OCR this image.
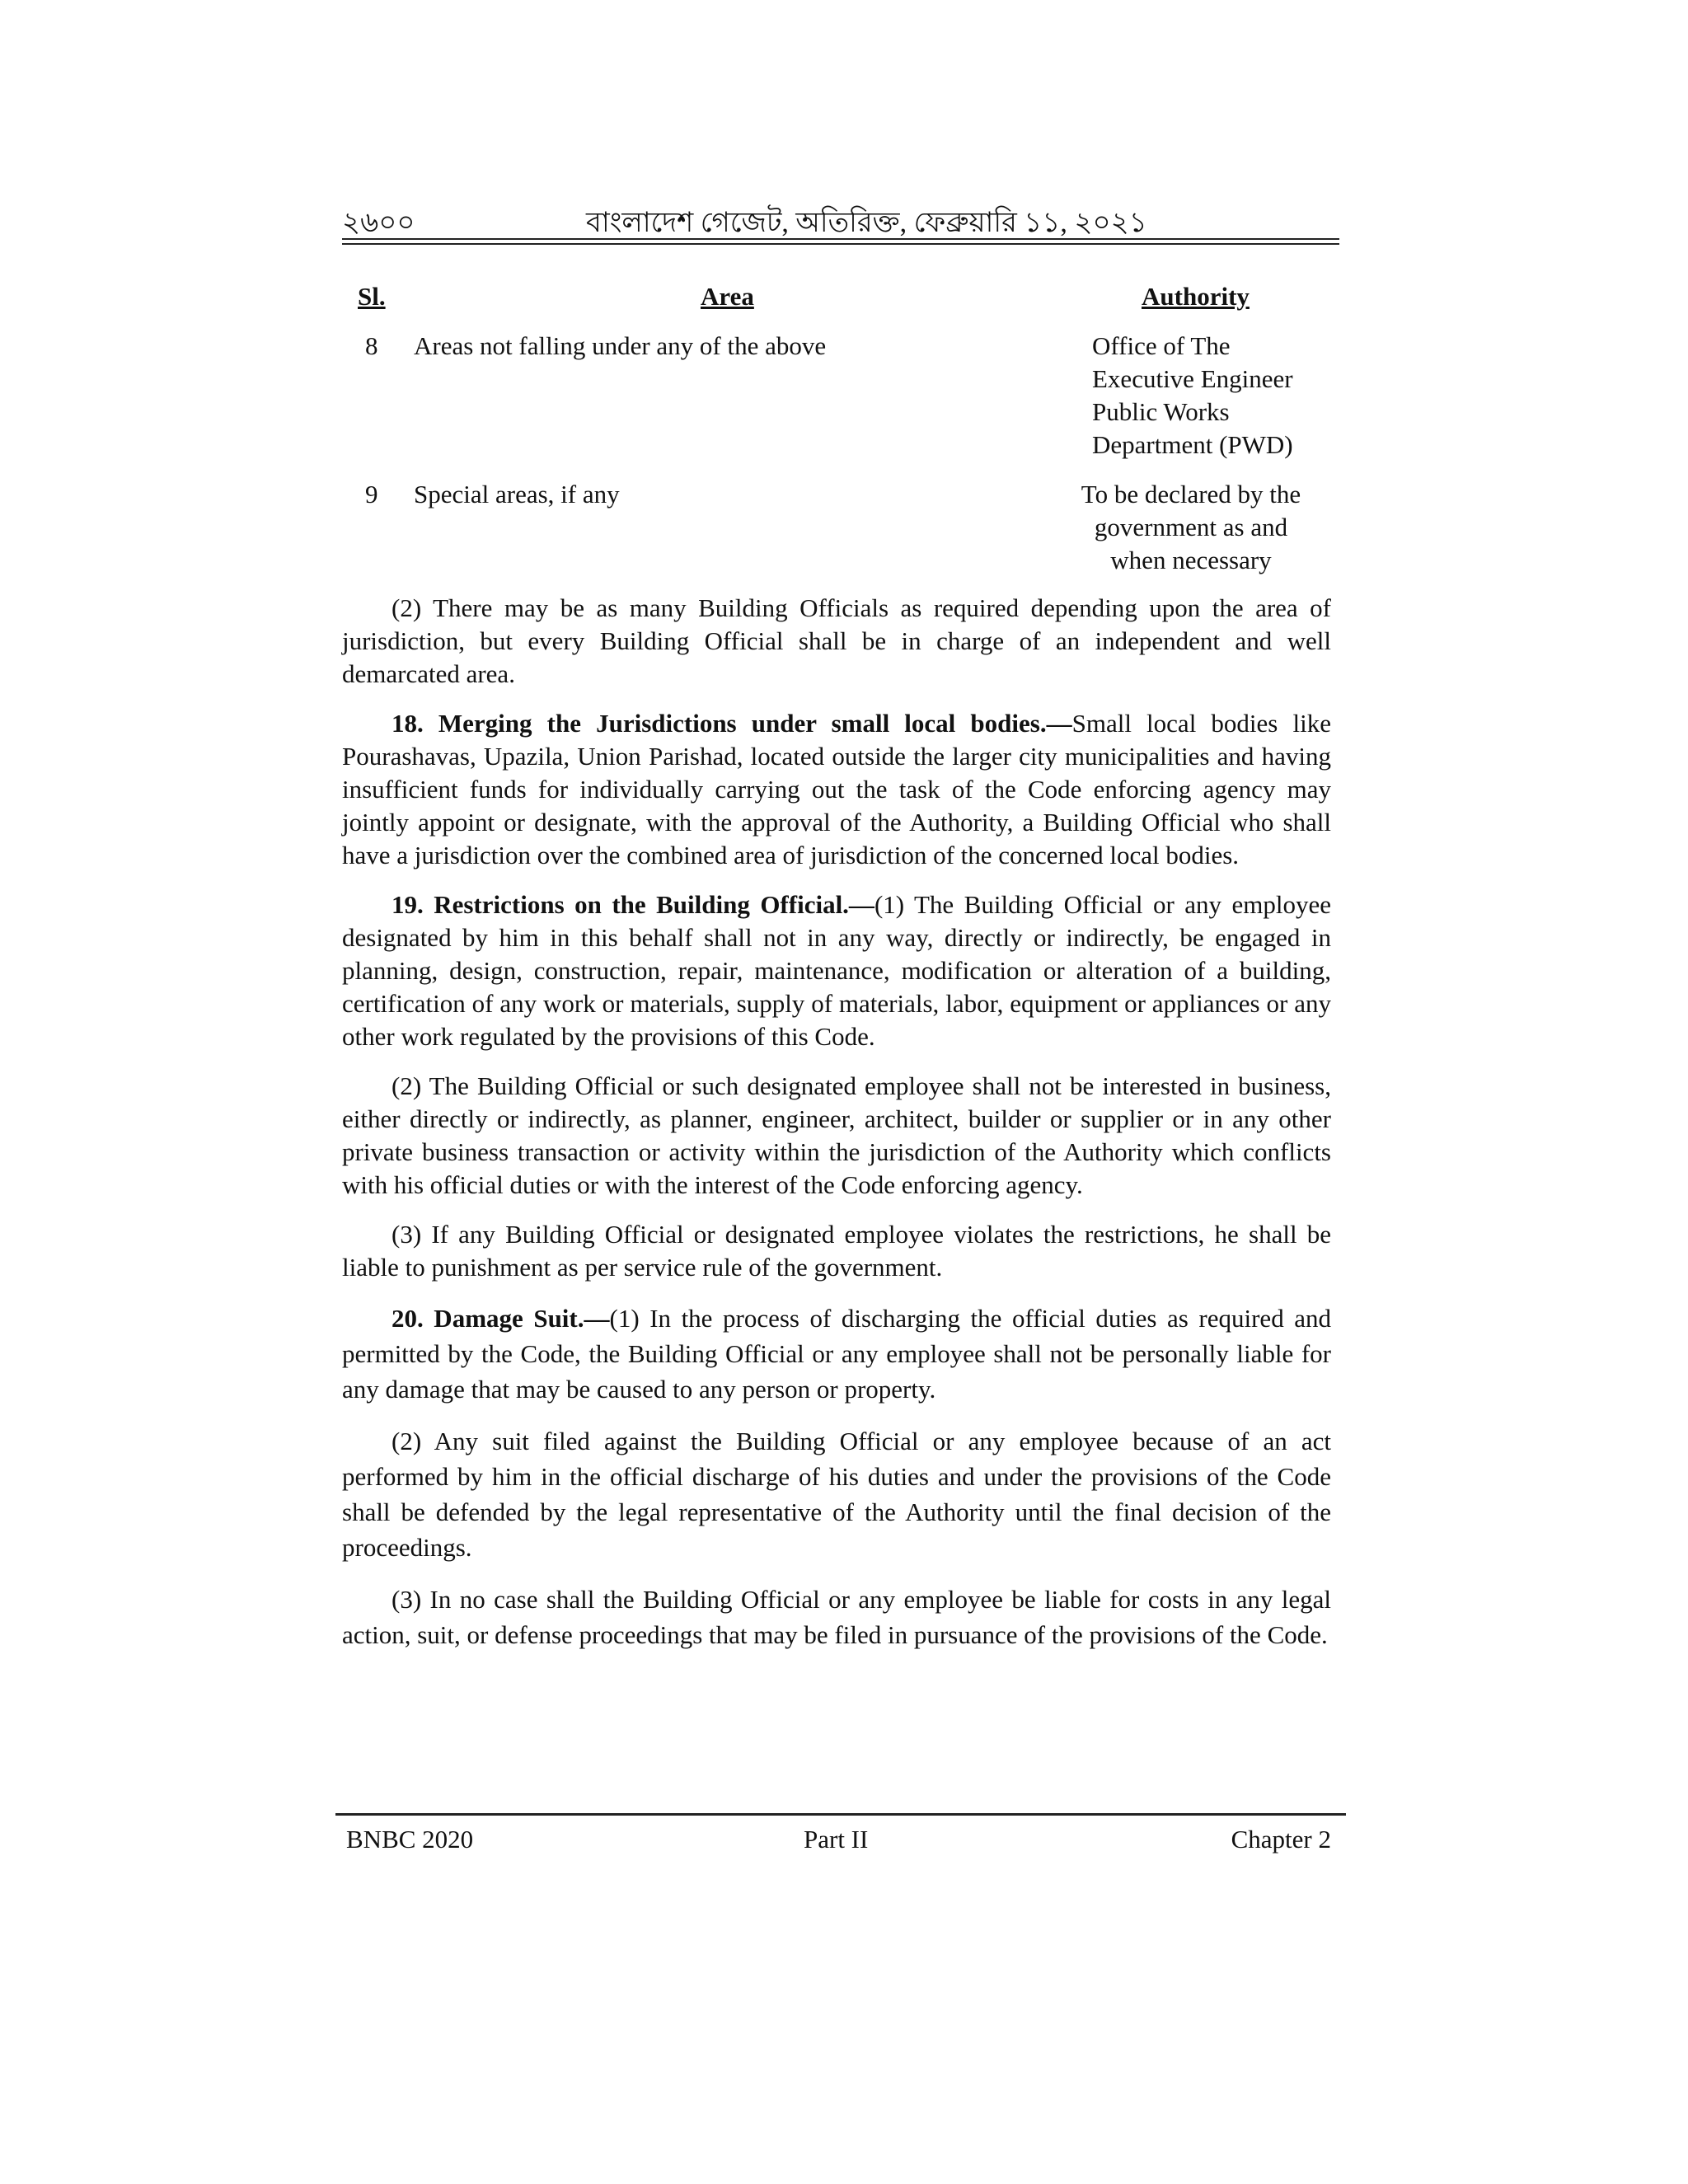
২৬০০	বাংলাদেশ গেজেট, অতিরিক্ত, ফেব্রুয়ারি ১১, ২০২১
Sl.	Area	Authority
8 Areas not falling under any of the above	Office of The
Executive Engineer
Public Works
Department (PWD)
9 Special areas, if any	To be declared by the
government as and
when necessary

(2) There may be as many Building Officials as required depending upon the area of jurisdiction, but every Building Official shall be in charge of an independent and well demarcated area.

18. Merging the Jurisdictions under small local bodies.—Small local bodies like Pourashavas, Upazila, Union Parishad, located outside the larger city municipalities and having insufficient funds for individually carrying out the task of the Code enforcing agency may jointly appoint or designate, with the approval of the Authority, a Building Official who shall have a jurisdiction over the combined area of jurisdiction of the concerned local bodies.

19. Restrictions on the Building Official.—(1) The Building Official or any employee designated by him in this behalf shall not in any way, directly or indirectly, be engaged in planning, design, construction, repair, maintenance, modification or alteration of a building, certification of any work or materials, supply of materials, labor, equipment or appliances or any other work regulated by the provisions of this Code.

(2) The Building Official or such designated employee shall not be interested in business, either directly or indirectly, as planner, engineer, architect, builder or supplier or in any other private business transaction or activity within the jurisdiction of the Authority which conflicts with his official duties or with the interest of the Code enforcing agency.

(3) If any Building Official or designated employee violates the restrictions, he shall be liable to punishment as per service rule of the government.

20. Damage Suit.—(1) In the process of discharging the official duties as required and permitted by the Code, the Building Official or any employee shall not be personally liable for any damage that may be caused to any person or property.

(2) Any suit filed against the Building Official or any employee because of an act performed by him in the official discharge of his duties and under the provisions of the Code shall be defended by the legal representative of the Authority until the final decision of the proceedings.

(3) In no case shall the Building Official or any employee be liable for costs in any legal action, suit, or defense proceedings that may be filed in pursuance of the provisions of the Code.

BNBC 2020	Part II	Chapter 2
